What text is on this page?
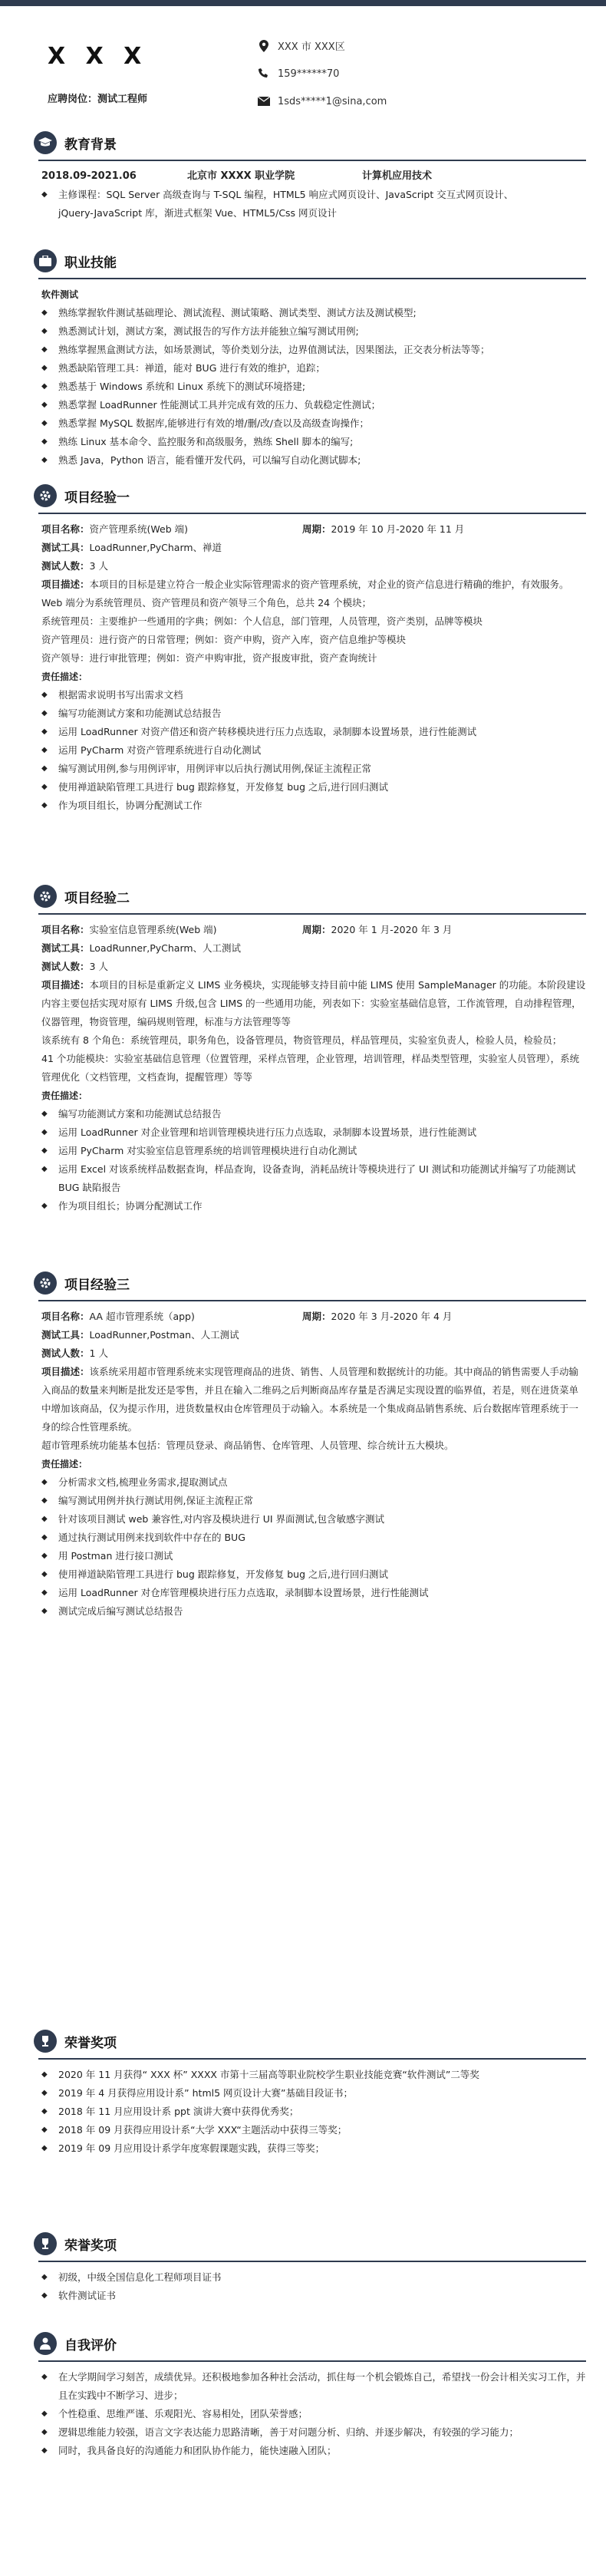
X X X
应聘岗位：测试工程师
XXX 市 XXX区
159******70
1sds*****1@sina,com
教育背景
2018.09-2021.06	北京市 XXXX 职业学院	计算机应用技术
◆	主修课程：SQL Server 高级查询与 T-SQL 编程，HTML5 响应式网页设计、JavaScript 交互式网页设计、
jQuery-JavaScript 库，渐进式框架 Vue、HTML5/Css 网页设计
职业技能
软件测试
◆	熟练掌握软件测试基础理论、测试流程、测试策略、测试类型、测试方法及测试模型;
◆	熟悉测试计划，测试方案，测试报告的写作方法并能独立编写测试用例;
◆	熟练掌握黑盒测试方法，如场景测试，等价类划分法，边界值测试法，因果图法，正交表分析法等等；
◆	熟悉缺陷管理工具：禅道，能对 BUG 进行有效的维护，追踪；
◆	熟悉基于 Windows 系统和 Linux 系统下的测试环境搭建;
◆	熟悉掌握 LoadRunner 性能测试工具并完成有效的压力、负载稳定性测试；
◆	熟悉掌握 MySQL 数据库,能够进行有效的增/删/改/查以及高级查询操作；
◆	熟练 Linux 基本命令、监控服务和高级服务，熟练 Shell 脚本的编写;
◆	熟悉 Java，Python 语言，能看懂开发代码，可以编写自动化测试脚本;
项目经验一
项目名称：资产管理系统(Web 端)	周期：2019 年 10 月-2020 年 11 月
测试工具：LoadRunner,PyCharm、禅道
测试人数：3 人
项目描述：本项目的目标是建立符合一般企业实际管理需求的资产管理系统，对企业的资产信息进行精确的维护，有效服务。Web 端分为系统管理员、资产管理员和资产领导三个角色，总共 24 个模块；
系统管理员：主要维护一些通用的字典；例如：个人信息，部门管理，人员管理，资产类别，品牌等模块
资产管理员：进行资产的日常管理；例如：资产申购，资产入库，资产信息维护等模块
资产领导：进行审批管理；例如：资产申购审批，资产报废审批，资产查询统计
责任描述：
◆	根据需求说明书写出需求文档
◆	编写功能测试方案和功能测试总结报告
◆	运用 LoadRunner 对资产借还和资产转移模块进行压力点选取，录制脚本设置场景，进行性能测试
◆	运用 PyCharm 对资产管理系统进行自动化测试
◆	编写测试用例,参与用例评审，用例评审以后执行测试用例,保证主流程正常
◆	使用禅道缺陷管理工具进行 bug 跟踪修复，开发修复 bug 之后,进行回归测试
◆	作为项目组长，协调分配测试工作
项目经验二
项目名称：实验室信息管理系统(Web 端)	周期：2020 年 1 月-2020 年 3 月
测试工具：LoadRunner,PyCharm、人工测试
测试人数：3 人
项目描述：本项目的目标是重新定义 LIMS 业务模块，实现能够支持目前中能 LIMS 使用 SampleManager 的功能。本阶段建设内容主要包括实现对原有 LIMS 升级,包含 LIMS 的一些通用功能，列表如下：实验室基础信息管，工作流管理，自动排程管理，仪器管理，物资管理，编码规则管理，标准与方法管理等等
该系统有 8 个角色：系统管理员，职务角色，设备管理员，物资管理员，样品管理员，实验室负责人，检验人员，检验员；
41 个功能模块：实验室基础信息管理（位置管理，采样点管理，企业管理，培训管理，样品类型管理，实验室人员管理），系统管理优化（文档管理，文档查询，提醒管理）等等
责任描述：
◆	编写功能测试方案和功能测试总结报告
◆	运用 LoadRunner 对企业管理和培训管理模块进行压力点选取，录制脚本设置场景，进行性能测试
◆	运用 PyCharm 对实验室信息管理系统的培训管理模块进行自动化测试
◆	运用 Excel 对该系统样品数据查询，样品查询，设备查询，消耗品统计等模块进行了 UI 测试和功能测试并编写了功能测试 BUG 缺陷报告
◆	作为项目组长；协调分配测试工作
项目经验三
项目名称：AA 超市管理系统（app)	周期：2020 年 3 月-2020 年 4 月
测试工具：LoadRunner,Postman、人工测试
测试人数：1 人
项目描述：该系统采用超市管理系统来实现管理商品的进货、销售、人员管理和数据统计的功能。其中商品的销售需要人手动输入商品的数量来判断是批发还是零售，并且在输入二维码之后判断商品库存量是否满足实现设置的临界值，若是，则在进货菜单中增加该商品，仅为提示作用，进货数量权由仓库管理员于动输入。本系统是一个集成商品销售系统、后台数据库管理系统于一身的综合性管理系统。
超市管理系统功能基本包括：管理员登录、商品销售、仓库管理、人员管理、综合统计五大模块。
责任描述：
◆	分析需求文档,梳理业务需求,提取测试点
◆	编写测试用例并执行测试用例,保证主流程正常
◆	针对该项目测试 web 兼容性,对内容及模块进行 UI 界面测试,包含敏感字测试
◆	通过执行测试用例来找到软件中存在的 BUG
◆	用 Postman 进行接口测试
◆	使用禅道缺陷管理工具进行 bug 跟踪修复，开发修复 bug 之后,进行回归测试
◆	运用 LoadRunner 对仓库管理模块进行压力点选取，录制脚本设置场景，进行性能测试
◆	测试完成后编写测试总结报告
荣誉奖项
◆	2020 年 11 月获得“ XXX 杯” XXXX 市第十三届高等职业院校学生职业技能竞赛“软件测试”二等奖
◆	2019 年 4 月获得应用设计系” html5 网页设计大赛”基础目段证书；
◆	2018 年 11 月应用设计系 ppt 演讲大赛中获得优秀奖；
◆	2018 年 09 月获得应用设计系“大学 XXX“主题活动中获得三等奖；
◆	2019 年 09 月应用设计系学年度寒假课题实践，获得三等奖；
荣誉奖项
◆	初级，中级全国信息化工程师项目证书
◆	软件测试证书
自我评价
◆	在大学期间学习刻苦，成绩优异。还积极地参加各种社会活动，抓住每一个机会锻炼自己，希望找一份会计相关实习工作，并且在实践中不断学习、进步；
◆	个性稳重、思维严谨、乐观阳光、容易相处，团队荣誉感；
◆	逻辑思维能力较强，语言文字表达能力思路清晰，善于对问题分析、归纳、并逐步解决，有较强的学习能力；
◆	同时，我具备良好的沟通能力和团队协作能力，能快速融入团队；
